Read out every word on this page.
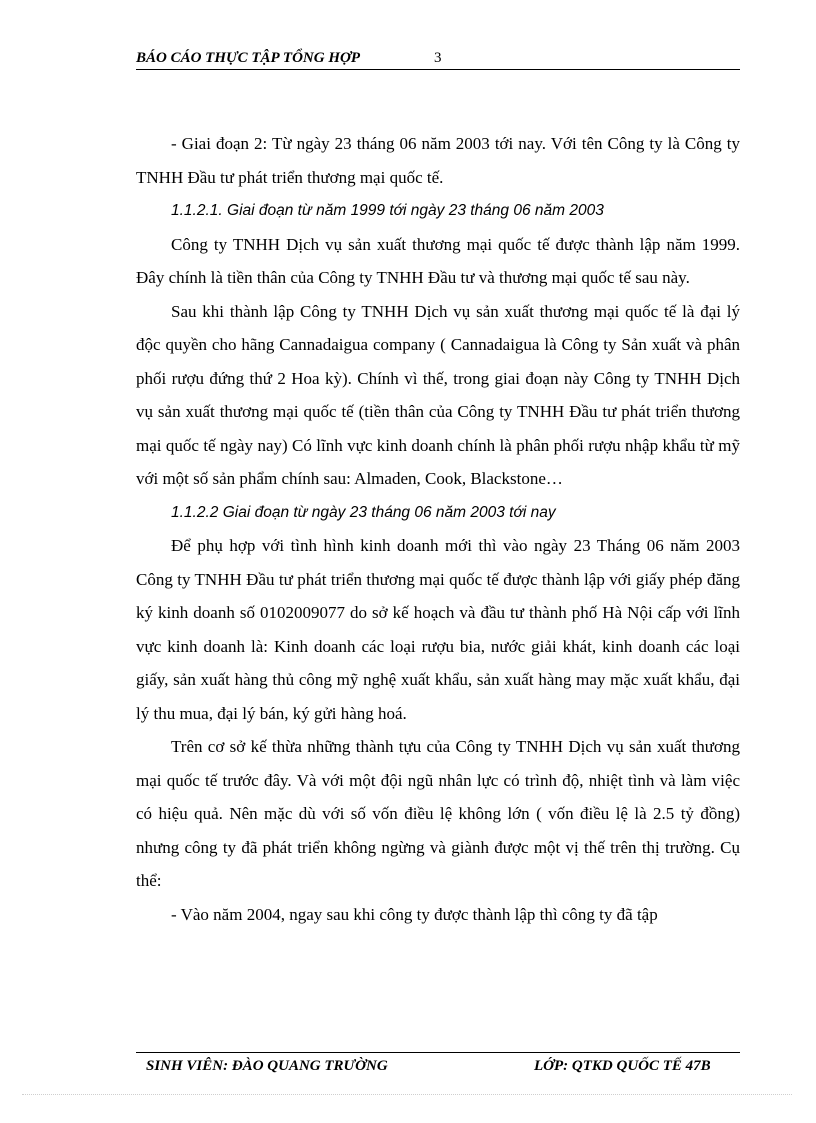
BÁO CÁO THỰC TẬP TỔNG HỢP	3

- Giai đoạn 2: Từ ngày 23 tháng 06 năm 2003 tới nay. Với tên Công ty là Công ty TNHH Đầu tư phát triển thương mại quốc tế.

1.1.2.1. Giai đoạn từ năm 1999 tới ngày 23 tháng 06 năm 2003

Công ty TNHH Dịch vụ sản xuất thương mại quốc tế được thành lập năm 1999. Đây chính là tiền thân của Công ty TNHH Đầu tư và thương mại quốc tế sau này.

Sau khi thành lập Công ty TNHH Dịch vụ sản xuất thương mại quốc tế là đại lý độc quyền cho hãng Cannadaigua company ( Cannadaigua là Công ty Sản xuất và phân phối rượu đứng thứ 2 Hoa kỳ). Chính vì thế, trong giai đoạn này Công ty TNHH Dịch vụ sản xuất thương mại quốc tế (tiền thân của Công ty TNHH Đầu tư phát triển thương mại quốc tế ngày nay) Có lĩnh vực kinh doanh chính là phân phối rượu nhập khẩu từ mỹ với một số sản phẩm chính sau: Almaden, Cook, Blackstone…

1.1.2.2 Giai đoạn từ ngày 23 tháng 06 năm 2003 tới nay

Để phụ hợp với tình hình kinh doanh mới thì vào ngày 23 Tháng 06 năm 2003 Công ty TNHH Đầu tư phát triển thương mại quốc tế được thành lập với giấy phép đăng ký kinh doanh số 0102009077 do sở kế hoạch và đầu tư thành phố Hà Nội cấp với lĩnh vực kinh doanh là: Kinh doanh các loại rượu bia, nước giải khát, kinh doanh các loại giấy, sản xuất hàng thủ công mỹ nghệ xuất khẩu, sản xuất hàng may mặc xuất khẩu, đại lý thu mua, đại lý bán, ký gửi hàng hoá.

Trên cơ sở kế thừa những thành tựu của Công ty TNHH Dịch vụ sản xuất thương mại quốc tế trước đây. Và với một đội ngũ nhân lực có trình độ, nhiệt tình và làm việc có hiệu quả. Nên mặc dù với số vốn điều lệ không lớn ( vốn điều lệ là 2.5 tỷ đồng) nhưng công ty đã phát triển không ngừng và giành được một vị thế trên thị trường. Cụ thể:

- Vào năm 2004, ngay sau khi công ty được thành lập thì công ty đã tập

SINH VIÊN: ĐÀO QUANG TRƯỜNG	LỚP: QTKD QUỐC TẾ 47B
